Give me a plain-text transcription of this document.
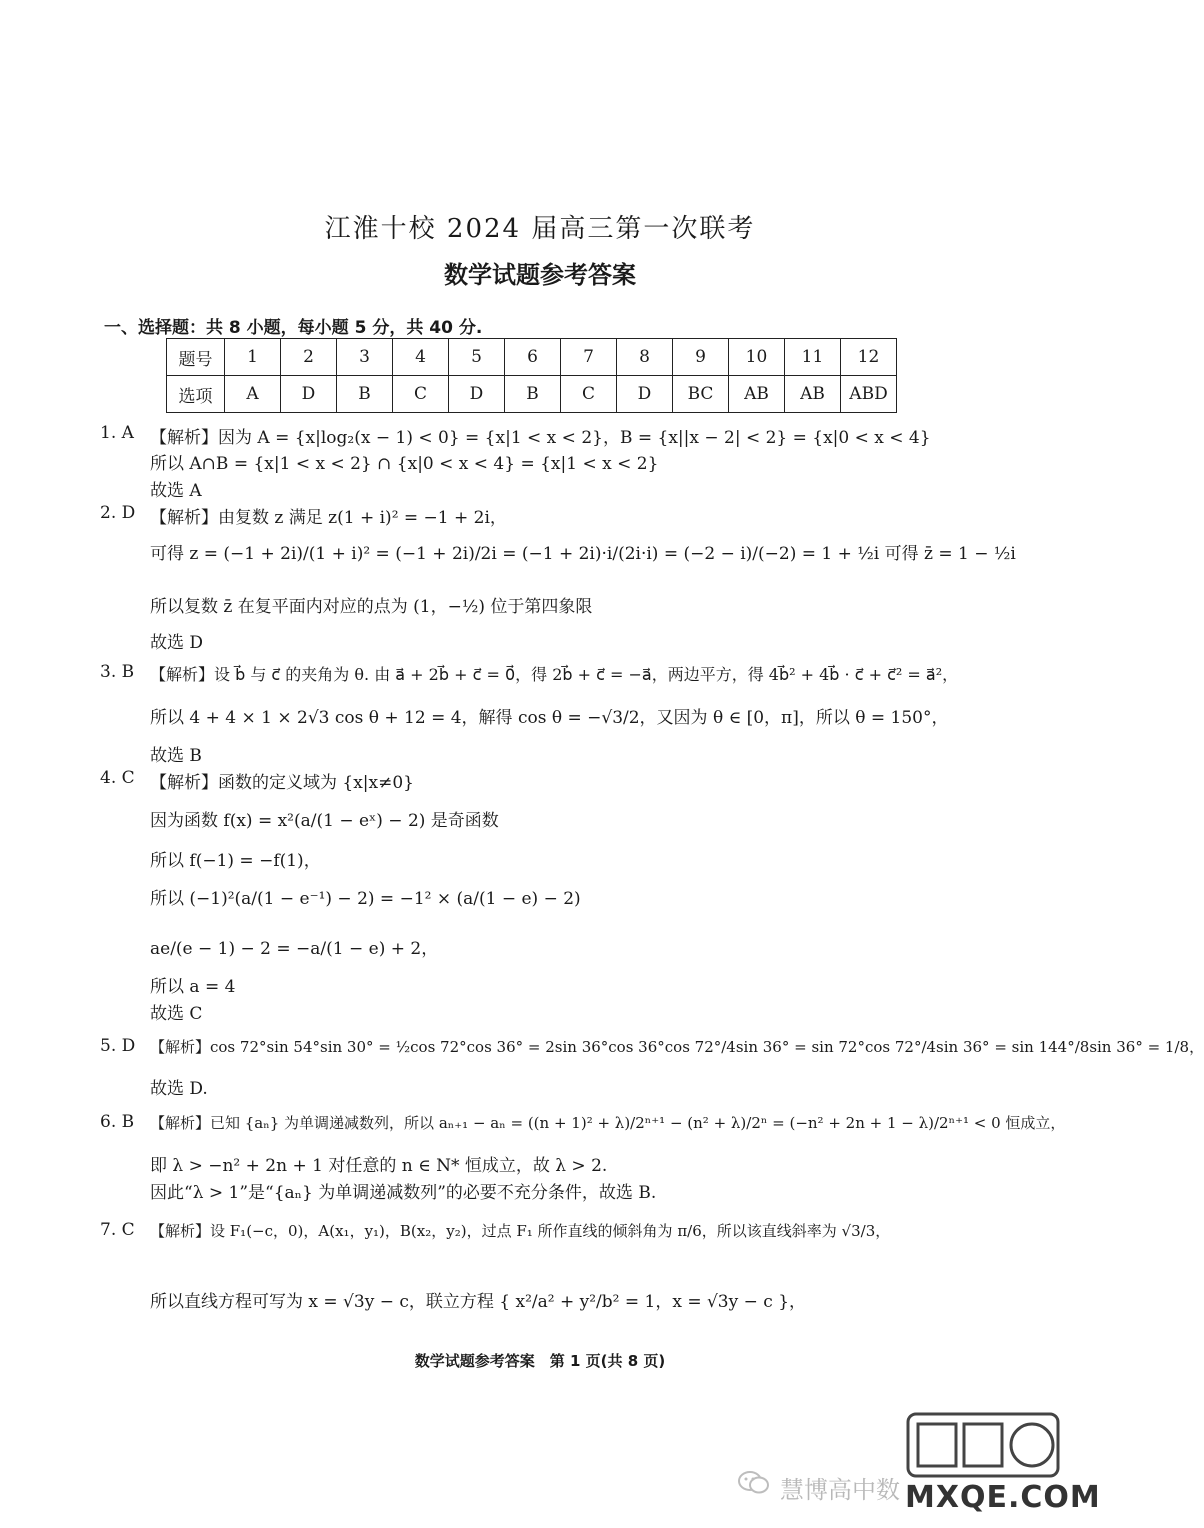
江淮十校 2024 届高三第一次联考
数学试题参考答案
一、选择题：共 8 小题，每小题 5 分，共 40 分.
题号	1	2	3	4	5	6	7	8	9	10	11	12
选项	A	D	B	C	D	B	C	D	BC	AB	AB	ABD
1. A 【解析】因为 A = {x|log₂(x − 1) < 0} = {x|1 < x < 2}，B = {x||x − 2| < 2} = {x|0 < x < 4}
所以 A∩B = {x|1 < x < 2} ∩ {x|0 < x < 4} = {x|1 < x < 2}
故选 A
2. D 【解析】由复数 z 满足 z(1 + i)² = −1 + 2i，
可得 z = (−1 + 2i)/(1 + i)² = (−1 + 2i)/2i = (−1 + 2i)·i/(2i·i) = (−2 − i)/(−2) = 1 + ½i 可得 z̄ = 1 − ½i
所以复数 z̄ 在复平面内对应的点为 (1，−½) 位于第四象限
故选 D
3. B 【解析】设 b⃗ 与 c⃗ 的夹角为 θ. 由 a⃗ + 2b⃗ + c⃗ = 0⃗，得 2b⃗ + c⃗ = −a⃗，两边平方，得 4b⃗² + 4b⃗ · c⃗ + c⃗² = a⃗²，
所以 4 + 4 × 1 × 2√3 cos θ + 12 = 4，解得 cos θ = −√3/2，又因为 θ ∈ [0，π]，所以 θ = 150°，
故选 B
4. C 【解析】函数的定义域为 {x|x≠0}
因为函数 f(x) = x²(a/(1 − eˣ) − 2) 是奇函数
所以 f(−1) = −f(1)，
所以 (−1)²(a/(1 − e⁻¹) − 2) = −1² × (a/(1 − e) − 2)
ae/(e − 1) − 2 = −a/(1 − e) + 2，
所以 a = 4
故选 C
5. D 【解析】cos 72°sin 54°sin 30° = ½cos 72°cos 36° = 2sin 36°cos 36°cos 72°/4sin 36° = sin 72°cos 72°/4sin 36° = sin 144°/8sin 36° = 1/8，
故选 D.
6. B 【解析】已知 {aₙ} 为单调递减数列，所以 aₙ₊₁ − aₙ = ((n + 1)² + λ)/2ⁿ⁺¹ − (n² + λ)/2ⁿ = (−n² + 2n + 1 − λ)/2ⁿ⁺¹ < 0 恒成立，
即 λ > −n² + 2n + 1 对任意的 n ∈ N* 恒成立，故 λ > 2.
因此“λ > 1”是“{aₙ} 为单调递减数列”的必要不充分条件，故选 B.
7. C 【解析】设 F₁(−c，0)，A(x₁，y₁)，B(x₂，y₂)，过点 F₁ 所作直线的倾斜角为 π/6，所以该直线斜率为 √3/3，
所以直线方程可写为 x = √3y − c，联立方程 { x²/a² + y²/b² = 1，x = √3y − c }，
数学试题参考答案　第 1 页(共 8 页)
慧博高中数 MXQE.COM
